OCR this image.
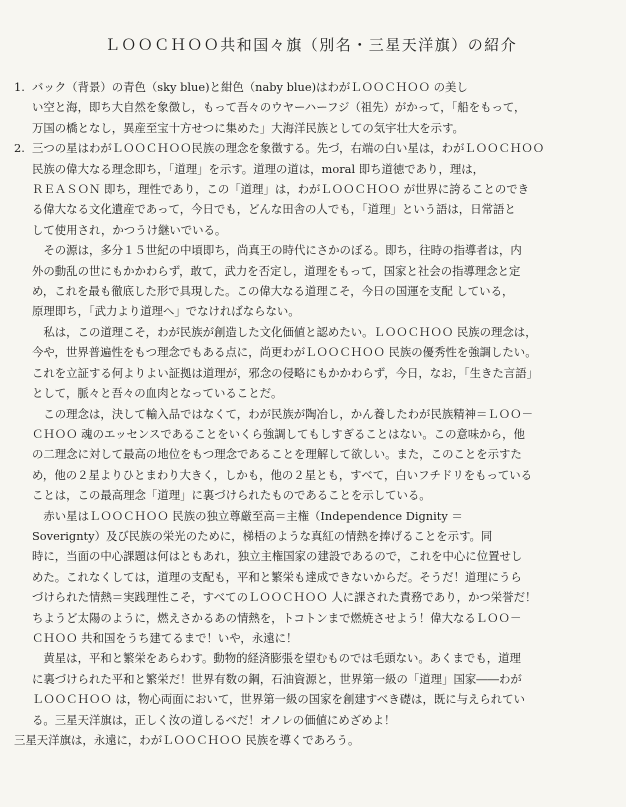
ＬＯＯＣＨＯＯ共和国々旗（別名・三星天洋旗）の紹介
1. バック（背景）の青色（sky blue)と紺色（naby blue)はわがＬＯＯＣＨＯＯ の美し
い空と海，即ち大自然を象徴し，もって吾々のウヤーハーフジ（祖先）がかって，「船をもって，
万国の橋となし，異産至宝十方せつに集めた」大海洋民族としての気宇壮大を示す。
2. 三つの星はわがＬＯＯＣＨＯＯ民族の理念を象徴する。先づ，右端の白い星は，わがＬＯＯＣＨＯＯ
民族の偉大なる理念即ち，「道理」を示す。道理の道は，moral 即ち道徳であり，理は，
ＲＥＡＳＯＮ 即ち，理性であり，この「道理」は，わがＬＯＯＣＨＯＯ が世界に誇ることのでき
る偉大なる文化遺産であって，今日でも，どんな田舎の人でも，「道理」という語は，日常語と
して使用され，かつうけ継いでいる。
　その源は，多分１５世紀の中頃即ち，尚真王の時代にさかのぼる。即ち，往時の指導者は，内
外の動乱の世にもかかわらず，敢て，武力を否定し，道理をもって，国家と社会の指導理念と定
め，これを最も徹底した形で具現した。この偉大なる道理こそ，今日の国運を支配 している，
原理即ち，「武力より道理へ」でなければならない。
　私は，この道理こそ，わが民族が創造した文化価値と認めたい。ＬＯＯＣＨＯＯ 民族の理念は，
今や，世界普遍性をもつ理念でもある点に，尚更わがＬＯＯＣＨＯＯ 民族の優秀性を強調したい。
これを立証する何よりよい証拠は道理が，邪念の侵略にもかかわらず，今日，なお，「生きた言語」
として，脈々と吾々の血肉となっていることだ。
　この理念は，決して輸入品ではなくて，わが民族が陶冶し，かん養したわが民族精神＝ＬＯＯ－
ＣＨＯＯ 魂のエッセンスであることをいくら強調してもしすぎることはない。この意味から，他
の二理念に対して最高の地位をもつ理念であることを理解して欲しい。また，このことを示すた
め，他の２星よりひとまわり大きく，しかも，他の２星とも，すべて，白いフチドリをもっている
ことは，この最高理念「道理」に裏づけられたものであることを示している。
　赤い星はＬＯＯＣＨＯＯ 民族の独立尊厳至高＝主権（Independence Dignity ＝
Soverignty）及び民族の栄光のために，梯梧のような真紅の情熱を捧げることを示す。同
時に，当面の中心課題は何はともあれ，独立主権国家の建設であるので，これを中心に位置せし
めた。これなくしては，道理の支配も，平和と繁栄も達成できないからだ。そうだ！道理にうら
づけられた情熱＝実践理性こそ，すべてのＬＯＯＣＨＯＯ 人に課された責務であり，かつ栄誉だ！
ちようど太陽のように，燃えさかるあの情熱を，トコトンまで燃焼させよう！偉大なるＬＯＯ－
ＣＨＯＯ 共和国をうち建てるまで！いや，永遠に！
　黄星は，平和と繁栄をあらわす。動物的経済膨張を望むものでは毛頭ない。あくまでも，道理
に裏づけられた平和と繁栄だ！世界有数の鋼，石油資源と，世界第一級の「道理」国家――わが
ＬＯＯＣＨＯＯ は，物心両面において，世界第一級の国家を創建すべき礎は，既に与えられてい
る。三星天洋旗は，正しく汝の道しるべだ！オノレの価値にめざめよ！
三星天洋旗は，永遠に，わがＬＯＯＣＨＯＯ 民族を導くであろう。
